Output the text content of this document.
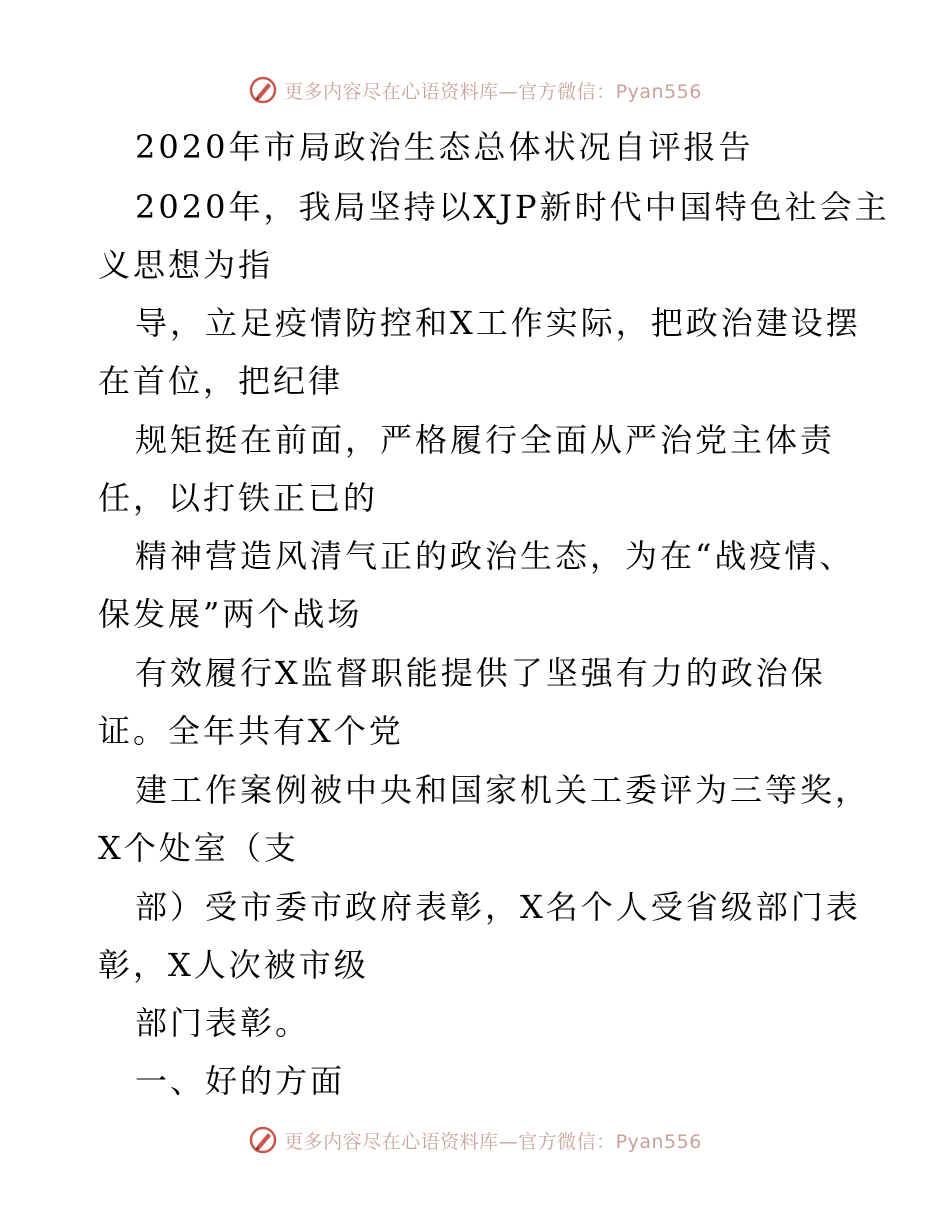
更多内容尽在心语资料库—官方微信：Pyan556
2020年市局政治生态总体状况自评报告
2020年，我局坚持以XJP新时代中国特色社会主
义思想为指
导，立足疫情防控和X工作实际，把政治建设摆
在首位，把纪律
规矩挺在前面，严格履行全面从严治党主体责
任，以打铁正已的
精神营造风清气正的政治生态，为在“战疫情、
保发展”两个战场
有效履行X监督职能提供了坚强有力的政治保
证。全年共有X个党
建工作案例被中央和国家机关工委评为三等奖，
X个处室（支
部）受市委市政府表彰，X名个人受省级部门表
彰，X人次被市级
部门表彰。
一、好的方面
更多内容尽在心语资料库—官方微信：Pyan556
